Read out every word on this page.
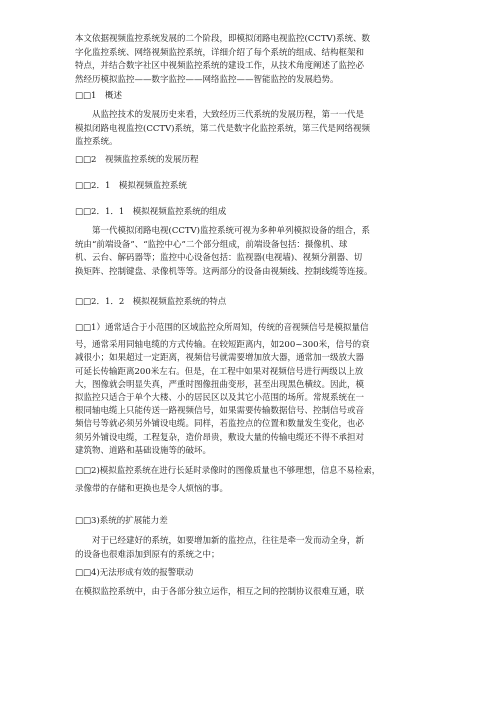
本文依据视频监控系统发展的二个阶段，即模拟闭路电视监控(CCTV)系统、数
字化监控系统、网络视频监控系统，详细介绍了每个系统的组成、结构框架和
特点，并结合数字社区中视频监控系统的建设工作，从技术角度阐述了监控必
然经历模拟监控——数字监控——网络监控——智能监控的发展趋势。
□□1　概述
从监控技术的发展历史来看，大致经历三代系统的发展历程，第一一代是
模拟闭路电视监控(CCTV)系统，第二代是数字化监控系统，第三代是网络视频
监控系统。
□□2　视频监控系统的发展历程
□□2．1　模拟视频监控系统
□□2．1．1　模拟视频监控系统的组成
第一代模拟闭路电视(CCTV)监控系统可视为多种单列模拟设备的组合，系
统由“前端设备”、“监控中心”二个部分组成，前端设备包括：摄像机、球
机、云台、解码器等；监控中心设备包括：监视器(电视墙)、视频分割器、切
换矩阵、控制键盘、录像机等等。这两部分的设备由视频线、控制线缆等连接。
□□2．1．2　模拟视频监控系统的特点
□□1）通常适合于小范围的区域监控众所周知，传统的音视频信号是模拟量信
号，通常采用同轴电缆的方式传输。在较短距离内，如200~300米，信号的衰
减很小；如果超过一定距离，视频信号就需要增加放大器，通常加一级放大器
可延长传输距离200米左右。但是，在工程中如果对视频信号进行两级以上放
大，图像就会明显失真，严重时图像扭曲变形，甚至出现黑色横纹。因此，模
拟监控只适合于单个大楼、小的居民区以及其它小范围的场所。常规系统在一
根同轴电缆上只能传送一路视频信号，如果需要传输数据信号、控制信号或音
频信号等就必须另外铺设电缆。同样，若监控点的位置和数量发生变化，也必
须另外铺设电缆，工程复杂，造价昂贵，敷设大量的传输电缆还不得不承担对
建筑物、道路和基础设施等的破坏。
□□2)模拟监控系统在进行长延时录像时的图像质量也不够理想，信息不易检索，
录像带的存储和更换也是令人烦恼的事。
□□3)系统的扩展能力差
对于已经建好的系统，如要增加新的监控点，往往是牵一发而动全身，新
的设备也很难添加到原有的系统之中；
□□4)无法形成有效的报警联动
在模拟监控系统中，由于各部分独立运作，相互之间的控制协议很难互通，联
